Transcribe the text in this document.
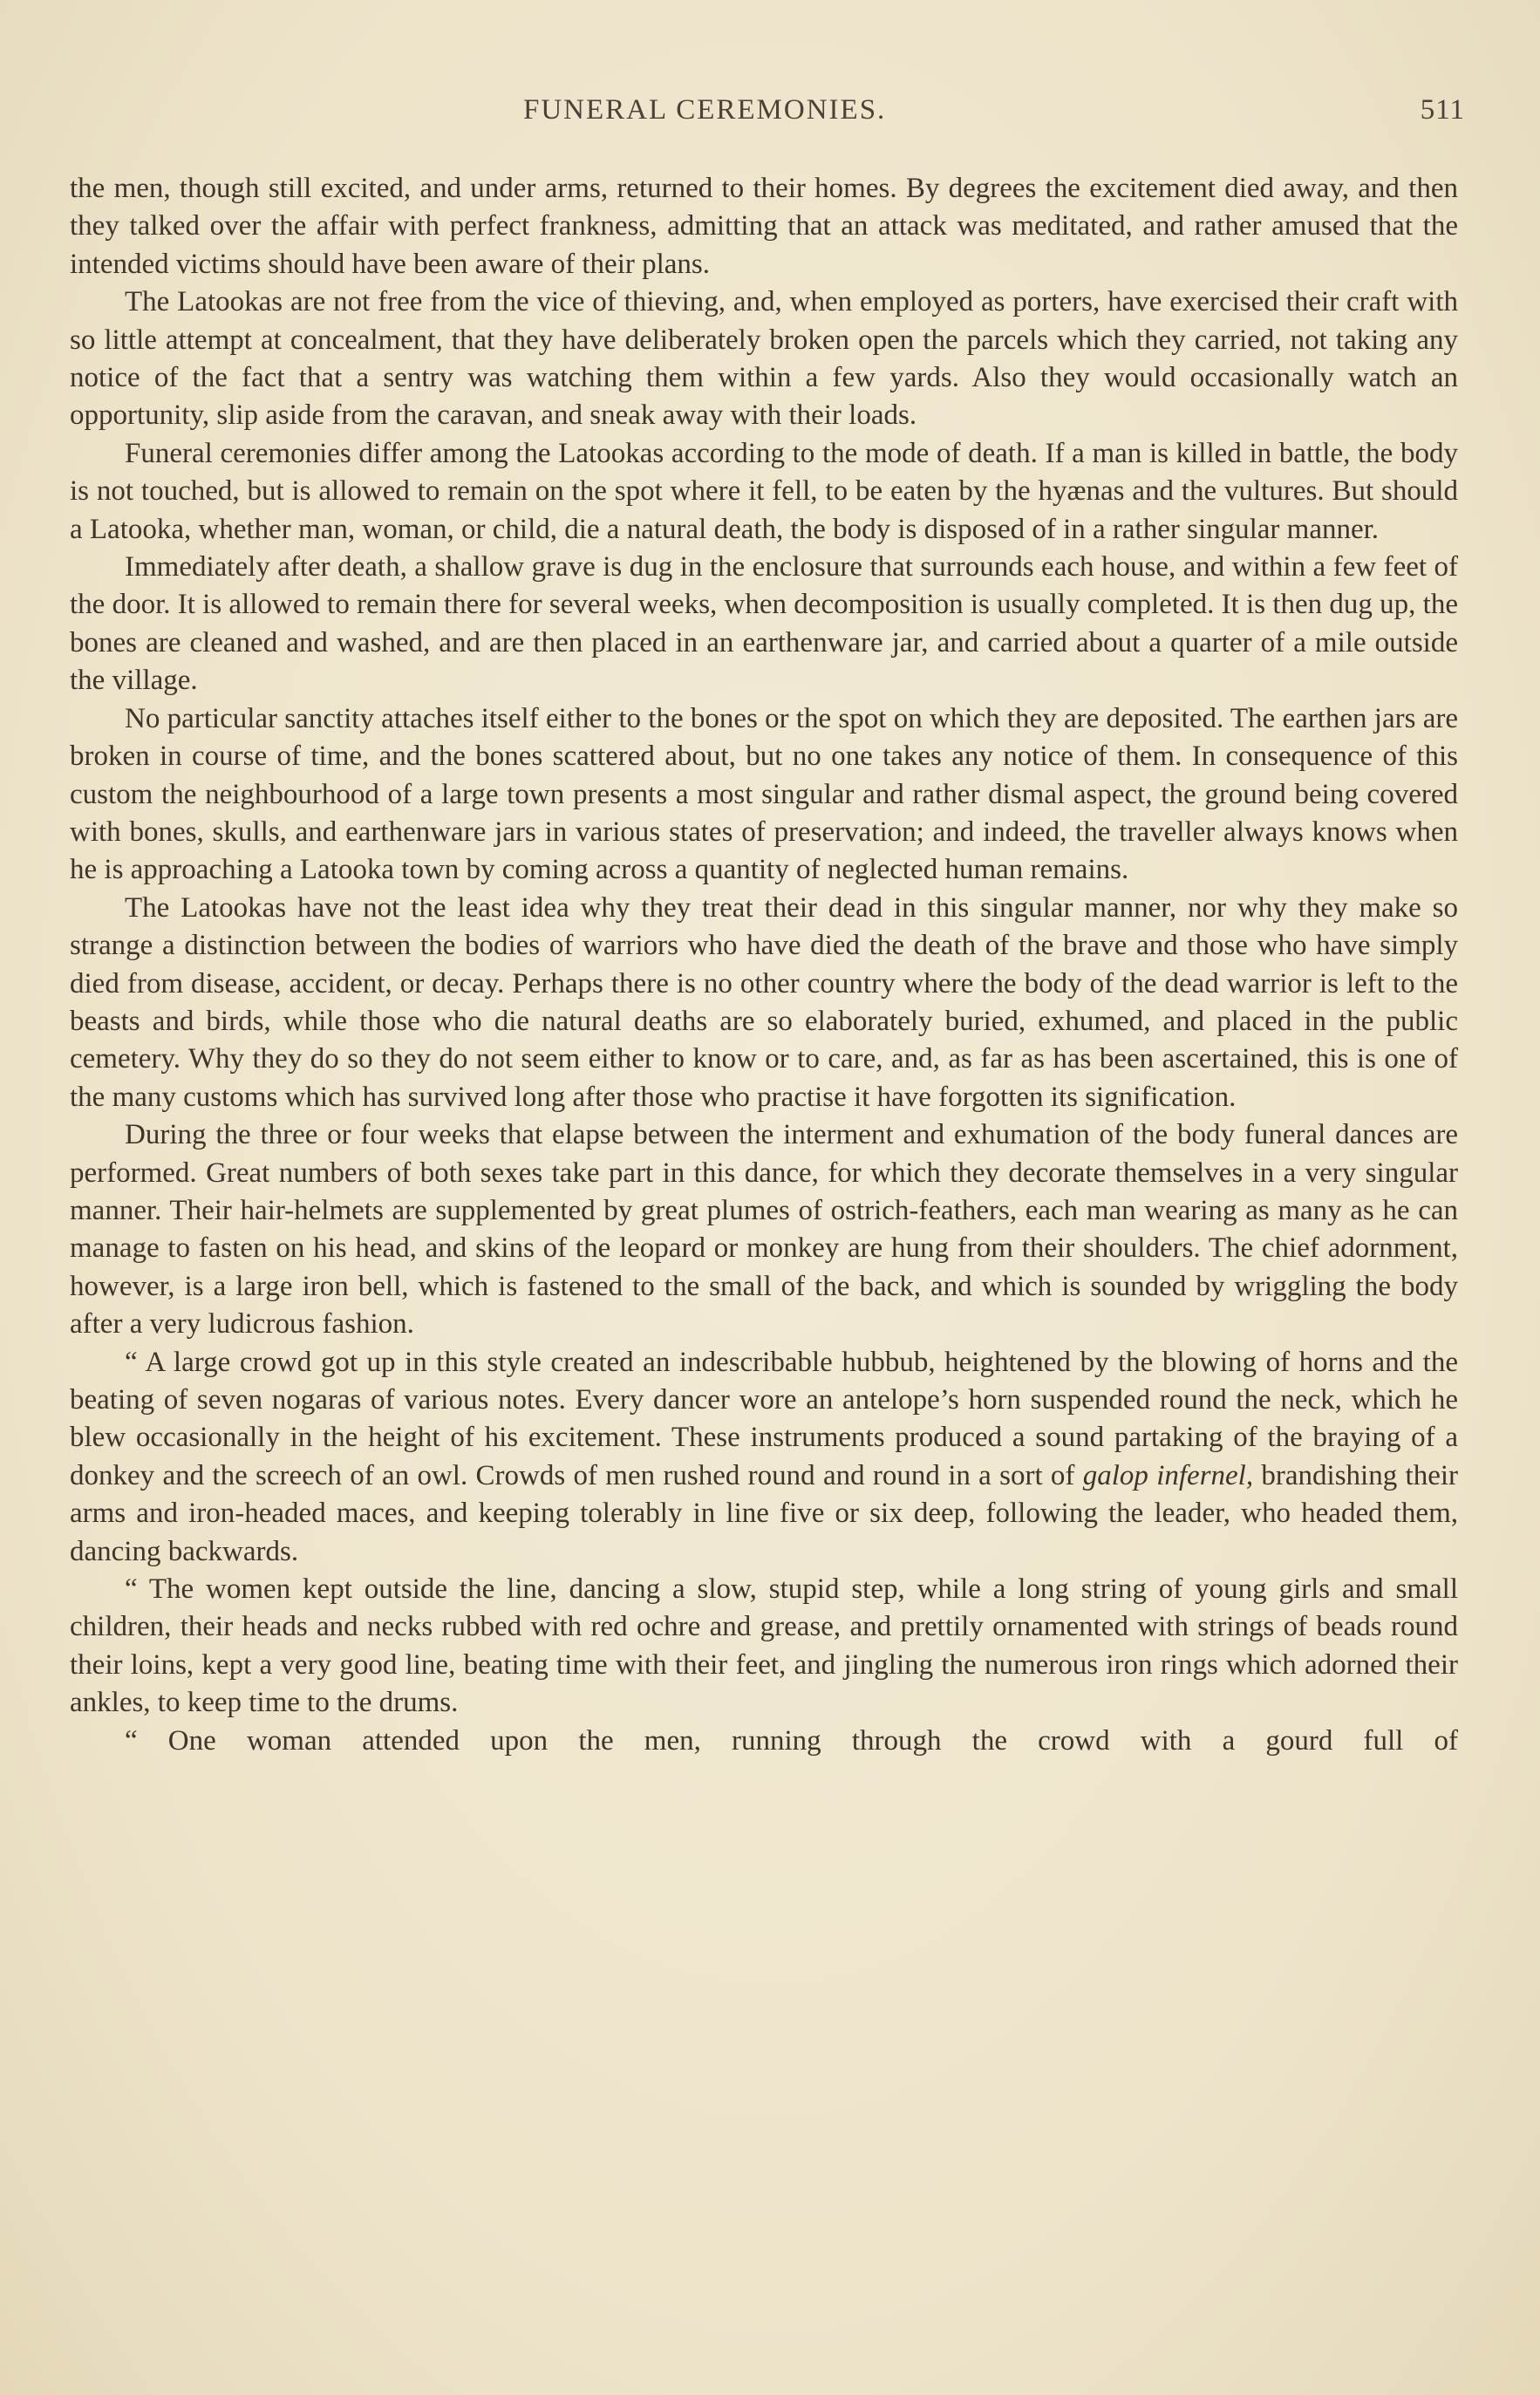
FUNERAL CEREMONIES.	511

the men, though still excited, and under arms, returned to their homes. By degrees the excitement died away, and then they talked over the affair with perfect frankness, admitting that an attack was meditated, and rather amused that the intended victims should have been aware of their plans.

The Latookas are not free from the vice of thieving, and, when employed as porters, have exercised their craft with so little attempt at concealment, that they have deliberately broken open the parcels which they carried, not taking any notice of the fact that a sentry was watching them within a few yards. Also they would occasionally watch an opportunity, slip aside from the caravan, and sneak away with their loads.

Funeral ceremonies differ among the Latookas according to the mode of death. If a man is killed in battle, the body is not touched, but is allowed to remain on the spot where it fell, to be eaten by the hyænas and the vultures. But should a Latooka, whether man, woman, or child, die a natural death, the body is disposed of in a rather singular manner.

Immediately after death, a shallow grave is dug in the enclosure that surrounds each house, and within a few feet of the door. It is allowed to remain there for several weeks, when decomposition is usually completed. It is then dug up, the bones are cleaned and washed, and are then placed in an earthenware jar, and carried about a quarter of a mile outside the village.

No particular sanctity attaches itself either to the bones or the spot on which they are deposited. The earthen jars are broken in course of time, and the bones scattered about, but no one takes any notice of them. In consequence of this custom the neighbourhood of a large town presents a most singular and rather dismal aspect, the ground being covered with bones, skulls, and earthenware jars in various states of preservation; and indeed, the traveller always knows when he is approaching a Latooka town by coming across a quantity of neglected human remains.

The Latookas have not the least idea why they treat their dead in this singular manner, nor why they make so strange a distinction between the bodies of warriors who have died the death of the brave and those who have simply died from disease, accident, or decay. Perhaps there is no other country where the body of the dead warrior is left to the beasts and birds, while those who die natural deaths are so elaborately buried, exhumed, and placed in the public cemetery. Why they do so they do not seem either to know or to care, and, as far as has been ascertained, this is one of the many customs which has survived long after those who practise it have forgotten its signification.

During the three or four weeks that elapse between the interment and exhumation of the body funeral dances are performed. Great numbers of both sexes take part in this dance, for which they decorate themselves in a very singular manner. Their hair-helmets are supplemented by great plumes of ostrich-feathers, each man wearing as many as he can manage to fasten on his head, and skins of the leopard or monkey are hung from their shoulders. The chief adornment, however, is a large iron bell, which is fastened to the small of the back, and which is sounded by wriggling the body after a very ludicrous fashion.

“ A large crowd got up in this style created an indescribable hubbub, heightened by the blowing of horns and the beating of seven nogaras of various notes. Every dancer wore an antelope’s horn suspended round the neck, which he blew occasionally in the height of his excitement. These instruments produced a sound partaking of the braying of a donkey and the screech of an owl. Crowds of men rushed round and round in a sort of galop infernel, brandishing their arms and iron-headed maces, and keeping tolerably in line five or six deep, following the leader, who headed them, dancing backwards.

“ The women kept outside the line, dancing a slow, stupid step, while a long string of young girls and small children, their heads and necks rubbed with red ochre and grease, and prettily ornamented with strings of beads round their loins, kept a very good line, beating time with their feet, and jingling the numerous iron rings which adorned their ankles, to keep time to the drums.

“ One woman attended upon the men, running through the crowd with a gourd full of
